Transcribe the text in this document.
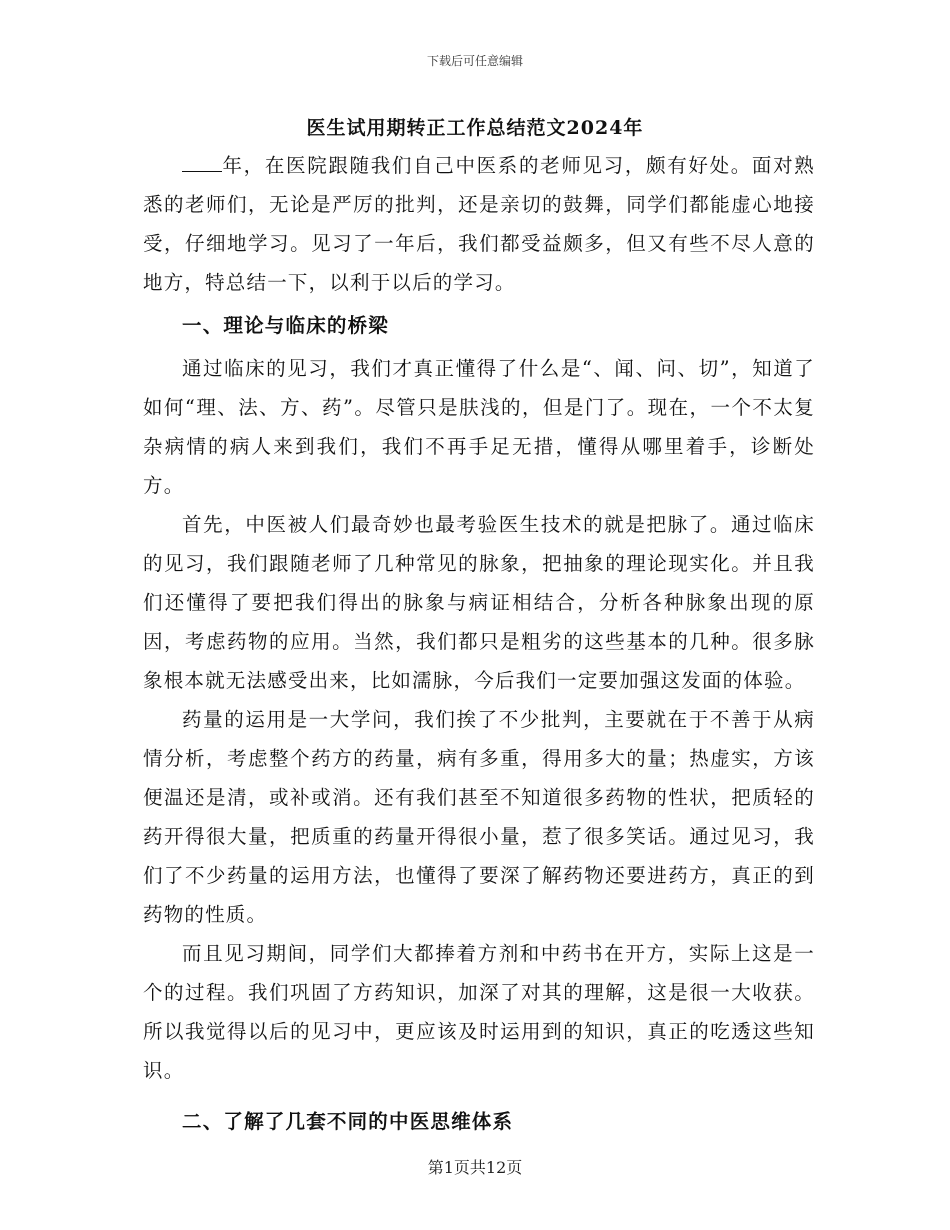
下载后可任意编辑
医生试用期转正工作总结范文2024年

年，在医院跟随我们自己中医系的老师见习，颇有好处。面对熟悉的老师们，无论是严厉的批判，还是亲切的鼓舞，同学们都能虚心地接受，仔细地学习。见习了一年后，我们都受益颇多，但又有些不尽人意的地方，特总结一下，以利于以后的学习。

一、理论与临床的桥梁

通过临床的见习，我们才真正懂得了什么是“、闻、问、切”，知道了如何“理、法、方、药”。尽管只是肤浅的，但是门了。现在，一个不太复杂病情的病人来到我们，我们不再手足无措，懂得从哪里着手，诊断处方。

首先，中医被人们最奇妙也最考验医生技术的就是把脉了。通过临床的见习，我们跟随老师了几种常见的脉象，把抽象的理论现实化。并且我们还懂得了要把我们得出的脉象与病证相结合，分析各种脉象出现的原因，考虑药物的应用。当然，我们都只是粗劣的这些基本的几种。很多脉象根本就无法感受出来，比如濡脉，今后我们一定要加强这发面的体验。

药量的运用是一大学问，我们挨了不少批判，主要就在于不善于从病情分析，考虑整个药方的药量，病有多重，得用多大的量；热虚实，方该便温还是清，或补或消。还有我们甚至不知道很多药物的性状，把质轻的药开得很大量，把质重的药量开得很小量，惹了很多笑话。通过见习，我们了不少药量的运用方法，也懂得了要深了解药物还要进药方，真正的到药物的性质。

而且见习期间，同学们大都捧着方剂和中药书在开方，实际上这是一个的过程。我们巩固了方药知识，加深了对其的理解，这是很一大收获。所以我觉得以后的见习中，更应该及时运用到的知识，真正的吃透这些知识。

二、了解了几套不同的中医思维体系

第1页共12页
